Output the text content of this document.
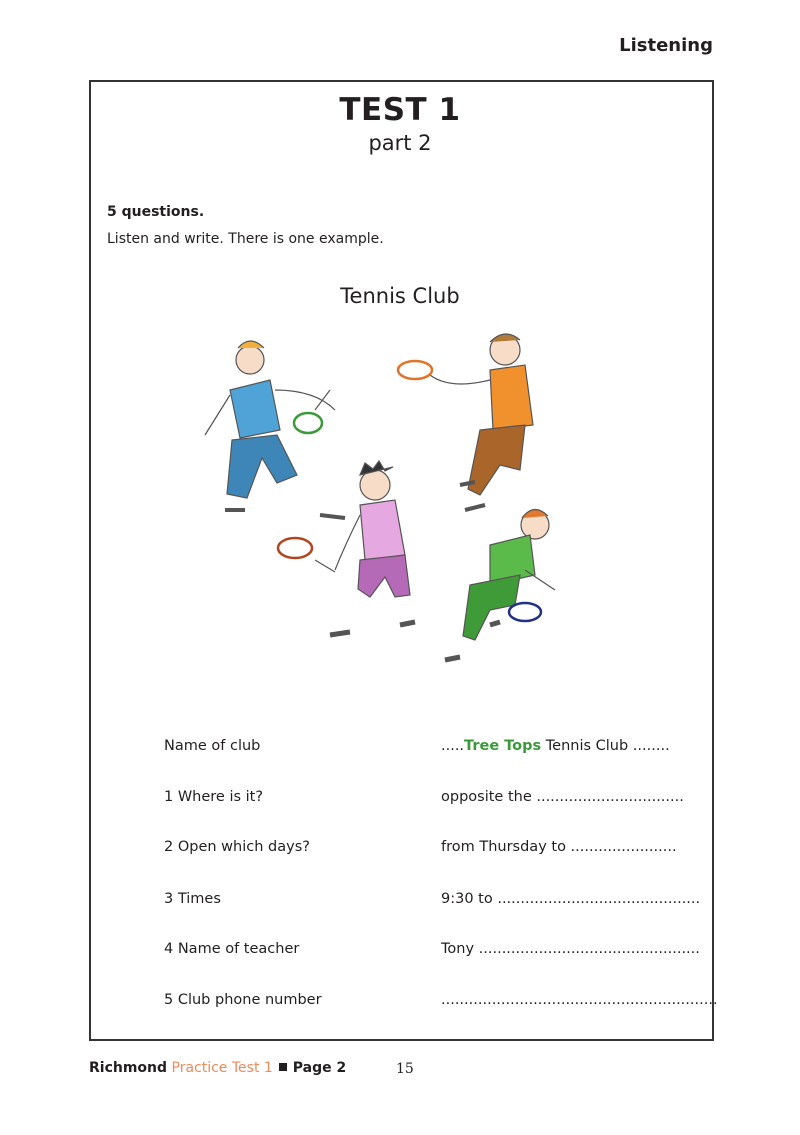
Listening
TEST 1
part 2
5 questions.
Listen and write. There is one example.
Tennis Club
Name of club	.....Tree Tops Tennis Club ........
1 Where is it?	opposite the ................................
2 Open which days?	from Thursday to .......................
3 Times	9:30 to ............................................
4 Name of teacher	Tony ................................................
5 Club phone number	............................................................
Richmond Practice Test 1 Page 2	15
